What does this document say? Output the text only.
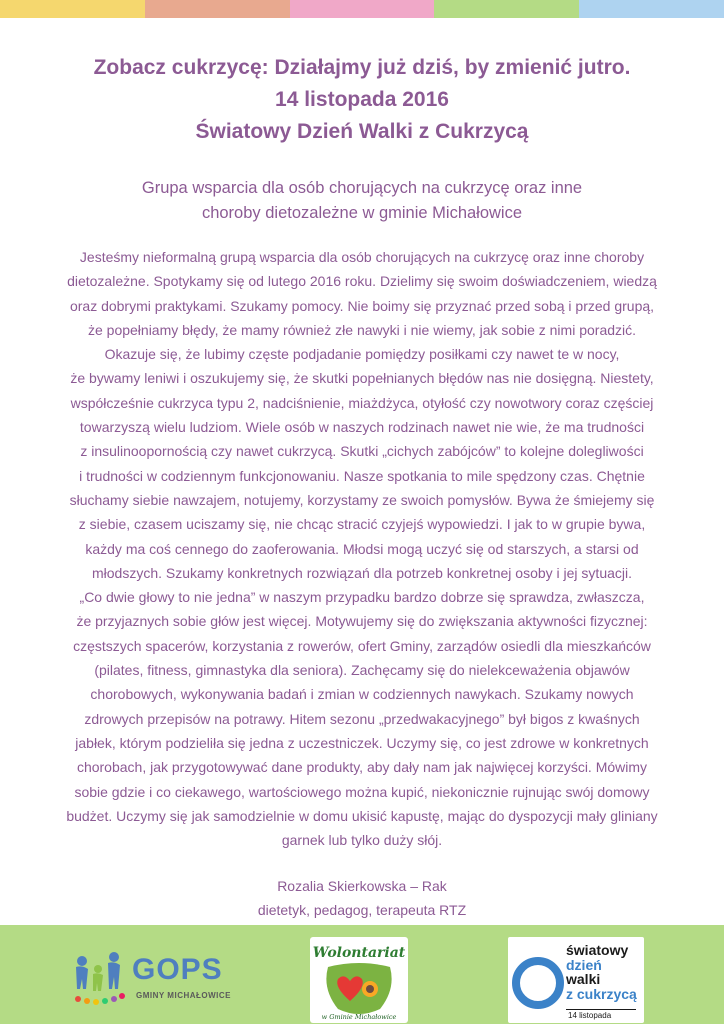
Zobacz cukrzycę: Działajmy już dziś, by zmienić jutro.
14 listopada 2016
Światowy Dzień Walki z Cukrzycą
Grupa wsparcia dla osób chorujących na cukrzycę oraz inne
choroby dietozależne w gminie Michałowice
Jesteśmy nieformalną grupą wsparcia dla osób chorujących na cukrzycę oraz inne choroby
dietozależne. Spotykamy się od lutego 2016 roku. Dzielimy się swoim doświadczeniem, wiedzą
oraz dobrymi praktykami. Szukamy pomocy. Nie boimy się przyznać przed sobą i przed grupą,
że popełniamy błędy, że mamy również złe nawyki i nie wiemy, jak sobie z nimi poradzić.
Okazuje się, że lubimy częste podjadanie pomiędzy posiłkami czy nawet te w nocy,
że bywamy leniwi i oszukujemy się, że skutki popełnianych błędów nas nie dosięgną. Niestety,
współcześnie cukrzyca typu 2, nadciśnienie, miażdżyca, otyłość czy nowotwory coraz częściej
towarzyszą wielu ludziom. Wiele osób w naszych rodzinach nawet nie wie, że ma trudności
z insulinoopornością czy nawet cukrzycą. Skutki „cichych zabójców” to kolejne dolegliwości
i trudności w codziennym funkcjonowaniu. Nasze spotkania to mile spędzony czas. Chętnie
słuchamy siebie nawzajem, notujemy, korzystamy ze swoich pomysłów. Bywa że śmiejemy się
z siebie, czasem uciszamy się, nie chcąc stracić czyjejś wypowiedzi. I jak to w grupie bywa,
każdy ma coś cennego do zaoferowania. Młodsi mogą uczyć się od starszych, a starsi od
młodszych. Szukamy konkretnych rozwiązań dla potrzeb konkretnej osoby i jej sytuacji.
„Co dwie głowy to nie jedna” w naszym przypadku bardzo dobrze się sprawdza, zwłaszcza,
że przyjaznych sobie głów jest więcej. Motywujemy się do zwiększania aktywności fizycznej:
częstszych spacerów, korzystania z rowerów, ofert Gminy, zarządów osiedli dla mieszkańców
(pilates, fitness, gimnastyka dla seniora). Zachęcamy się do nielekceważenia objawów
chorobowych, wykonywania badań i zmian w codziennych nawykach. Szukamy nowych
zdrowych przepisów na potrawy. Hitem sezonu „przedwakacyjnego” był bigos z kwaśnych
jabłek, którym podzieliła się jedna z uczestniczek. Uczymy się, co jest zdrowe w konkretnych
chorobach, jak przygotowywać dane produkty, aby dały nam jak najwięcej korzyści. Mówimy
sobie gdzie i co ciekawego, wartościowego można kupić, niekonicznie rujnując swój domowy
budżet. Uczymy się jak samodzielnie w domu ukisić kapustę, mając do dyspozycji mały gliniany
garnek lub tylko duży słój.
Rozalia Skierkowska – Rak
dietetyk, pedagog, terapeuta RTZ
GOPS
GMINY MICHAŁOWICE
Wolontariat
w Gminie Michałowice
światowy
dzień
walki
z cukrzycą
14 listopada
